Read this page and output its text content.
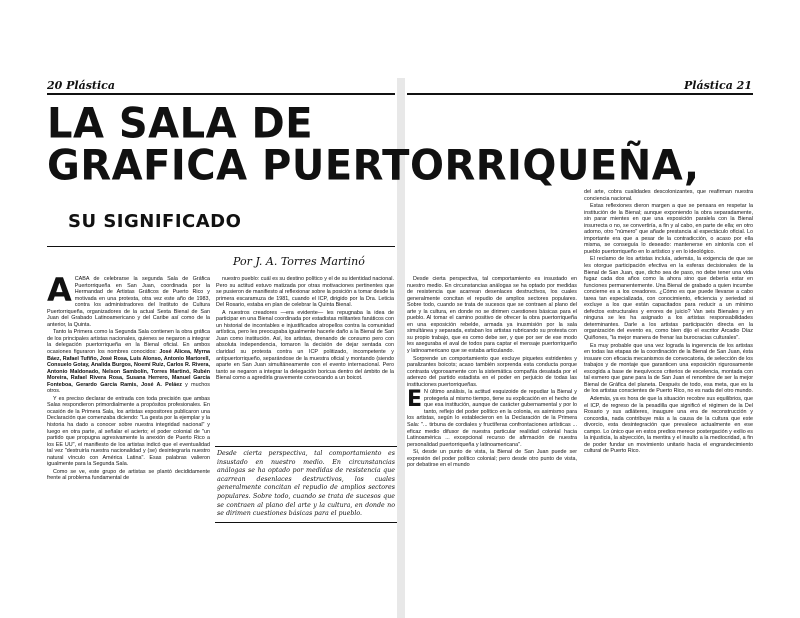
20 Plástica	Plástica 21
LA SALA DE
GRAFICA PUERTORRIQUEÑA,
SU SIGNIFICADO
Por J. A. Torres Martinó

ACABA de celebrarse la segunda Sala de Gráfica Puertorriqueña en San Juan, coordinada por la Hermandad de Artistas Gráficos de Puerto Rico y motivada en una protesta, otra vez este año de 1983, contra los administradores del Instituto de Cultura Puertorriqueña, organizadores de la actual Sexta Bienal de San Juan del Grabado Latinoamericano y del Caribe así como de la anterior, la Quinta.

Tanto la Primera como la Segunda Sala contienen la obra gráfica de los principales artistas nacionales, quienes se negaron a integrar la delegación puertorriqueña en la Bienal oficial. En ambos ocasiones figuraron los nombres conocidos: José Alicea, Myrna Báez, Rafael Tufiño, José Rosa, Luis Alonso, Antonio Martorell, Consuelo Gotay, Analida Burgos, Noemí Ruiz, Carlos R. Rivera, Antonio Maldonado, Nelson Sambolín, Torres Martinó, Rubén Moreira, Rafael Rivera Rosa, Susana Herrero, Manuel García Fonteboa, Gerardo García Ramis, José A. Peláez y muchos otros.

Y es preciso declarar de entrada con toda precisión que ambas Salas respondieron primordialmente a propósitos profesionales. En ocasión de la Primera Sala, los artistas expositores publicaron una Declaración que comenzaba diciendo: "La gesta por la ejemplar y la historia ha dado a conocer sobre nuestra integridad nacional" y luego en otra parte, al señalar el acierto; el poder colonial de "un partido que propugna agresivamente la anexión de Puerto Rico a los EE UU", el manifiesto de los artistas indicó que el eventualidad tal vez "destruiría nuestra nacionalidad y (se) desintegraría nuestro natural vínculo con América Latina". Esas palabras valieron igualmente para la Segunda Sala.

Como se ve, este grupo de artistas se plantó decididamente frente al problema fundamental de

nuestro pueblo: cuál es su destino político y el de su identidad nacional. Pero su actitud estuvo matizada por otras motivaciones pertinentes que se pusieron de manifiesto al reflexionar sobre la posición a tomar desde la primera escaramuza de 1981, cuando el ICP, dirigido por la Dra. Leticia Del Rosario, estaba en plan de celebrar la Quinta Bienal.

A nuestros creadores —era evidente— les repugnaba la idea de participar en una Bienal coordinada por estadistas militantes fanáticos con un historial de incontables e injustificados atropellos contra la comunidad artística, pero les preocupaba igualmente hacerle daño a la Bienal de San Juan como institución. Así, los artistas, drenando de consumo pero con absoluta independencia, tomaron la decisión de dejar sentada con claridad su protesta contra un ICP politizado, incompetente y antipuertorriqueño, separándose de la muestra oficial y montando (siendo aparte en San Juan simultáneamente con el evento internacional. Pero tanto se negaron a integrar la delegación boricua dentro del ámbito de la Bienal como a agredirla gravemente convocando a un boicot.

Desde cierta perspectiva, tal comportamiento es insustado en nuestro medio. En circunstancias análogas se ha optado por medidas de resistencia que acarrean desenlaces destructivos, los cuales generalmente concitan el repudio de amplios sectores populares. Sobre todo, cuando se trata de sucesos que se contraen al plano del arte y la cultura, en donde no se dirimen cuestiones básicas para el pueblo.

Desde cierta perspectiva, tal comportamiento es insustado en nuestro medio. En circunstancias análogas se ha optado por medidas de resistencia que acarrean desenlaces destructivos, los cuales generalmente concitan el repudio de amplios sectores populares. Sobre todo, cuando se trata de sucesos que se contraen al plano del arte y la cultura, en donde no se dirimen cuestiones básicas para el pueblo. Al tomar el camino positivo de ofrecer la obra puertorriqueña en una exposición rebelde, armada ya inusmisión por la sala simultánea y separada, estaban los artistas rubricando su protesta con su propio trabajo, que es como debe ser, y que por ser de ese modo les aseguraba el aval de todos para captar el mensaje puertorriqueño y latinoamericano que se estaba articulando.

Sorprende un comportamiento que excluye piquetes estridentes y paralizantes boicots; acaso también sorprenda esta conducta porque contrasta vigorosamente con la sistemática compañía desatada por el aderezo del partido estadista en el poder en perjuicio de todas las instituciones puertorriqueñas.

E N último análisis, la actitud esquizoide de repudiar la Bienal y protegerla al mismo tiempo, tiene su explicación en el hecho de que esa institución, aunque de carácter gubernamental y por lo tanto, reflejo del poder político en la colonia, es asimismo para los artistas, según lo establecieron en la Declaración de la Primera Sala: "... tirbuna de cordiales y fructíferas confrontaciones artísticas ... eficaz medio difusor de nuestra particular realidad colonial hacia Latinoamérica ... excepcional recurso de afirmación de nuestra personalidad puertorriqueña y latinoamericana".

Si, desde un punto de vista, la Bienal de San Juan puede ser expresión del poder político colonial; pero desde otro punto de vista, por debatirse en el mundo

del arte, cobra cualidades descolonizantes, que reafirman nuestra conciencia nacional.

Estas reflexiones dieron margen a que se pensara en respetar la institución de la Bienal; aunque exponiendo la obra separadamente, sin parar mientes en que una exposición paralela con la Bienal insurrecta o no, se convertiría, a fin y al cabo, en parte de ella; en otro adorno, otro "número" que añade prestancia al espectáculo oficial. Lo importante era que a pesar de la contradicción, o acaso por ella misma, se conseguía lo deseado: mantenerse en sintonía con el pueblo puertorriqueño en lo artístico y en lo ideológico.

El reclamo de los artistas incluía, además, la exigencia de que se les otorgue participación efectiva en la esferas decisionales de la Bienal de San Juan, que, dicho sea de paso, no debe tener una vida fugaz cada dos años como la ahora sino que debería estar en funciones permanentemente. Una Bienal de grabado a quien incumbe concierne es a los creadores. ¿Cómo es que puede llevarse a cabo tarea tan especializada, con conocimiento, eficiencia y seriedad si excluye a los que están capacitados para reducir a un mínimo defectos estructurales y errores de juicio? Van seis Bienales y en ninguna se les ha asignado a los artistas responsabilidades determinantes. Darle a los artistas participación directa en la organización del evento es, como bien dijo el escritor Arcadio Díaz Quiñones, "la mejor manera de frenar las burocracias culturales".

Es muy probable que una vez lograda la ingerencia de los artistas en todas las etapas de la coordinación de la Bienal de San Juan, ésta insuare con eficacia mecanismos de convocatoria, de selección de los trabajos y de montaje que garanticen una exposición rigurosamente escogida a base de inequívocos criterios de excelencia, montada con tal esmero que gane para la de San Juan el renombre de ser la mejor Bienal de Gráfica del planeta. Después de todo, esa meta, que es la de los artistas conscientes de Puerto Rico, no es nada del otro mundo.

Además, ya es hora de que la situación recobre sus equilibrios, que el ICP, de regreso de la pesadilla que significó el régimen de la Del Rosario y sus adláteres, inaugure una era de reconstrucción y concordia, nada contribuye más a la causa de la cultura que este divorcio, esta desintegración que prevalece actualmente en ese campo. Lo único que en estos predios merece postergación y exilio es la injusticia, la abyección, la mentira y el insulto a la mediocridad, a fin de poder fundar un movimiento unitario hacia el engrandecimiento cultural de Puerto Rico.
